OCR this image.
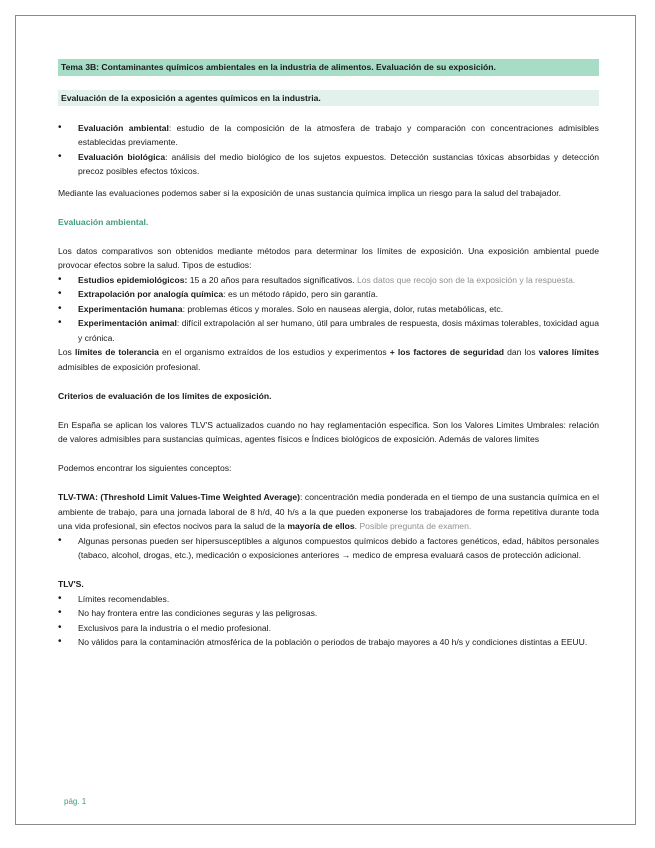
Tema 3B: Contaminantes químicos ambientales en la industria de alimentos. Evaluación de su exposición.

Evaluación de la exposición a agentes químicos en la industria.

• Evaluación ambiental: estudio de la composición de la atmosfera de trabajo y comparación con concentraciones admisibles establecidas previamente.
• Evaluación biológica: análisis del medio biológico de los sujetos expuestos. Detección sustancias tóxicas absorbidas y detección precoz posibles efectos tóxicos.

Mediante las evaluaciones podemos saber si la exposición de unas sustancia química implica un riesgo para la salud del trabajador.

Evaluación ambiental.

Los datos comparativos son obtenidos mediante métodos para determinar los límites de exposición. Una exposición ambiental puede provocar efectos sobre la salud. Tipos de estudios:

• Estudios epidemiológicos: 15 a 20 años para resultados significativos. Los datos que recojo son de la exposición y la respuesta.
• Extrapolación por analogía química: es un método rápido, pero sin garantía.
• Experimentación humana: problemas éticos y morales. Solo en nauseas alergia, dolor, rutas metabólicas, etc.
• Experimentación animal: difícil extrapolación al ser humano, útil para umbrales de respuesta, dosis máximas tolerables, toxicidad agua y crónica.

Los límites de tolerancia en el organismo extraídos de los estudios y experimentos + los factores de seguridad dan los valores límites admisibles de exposición profesional.

Criterios de evaluación de los límites de exposición.

En España se aplican los valores TLV'S actualizados cuando no hay reglamentación especifica. Son los Valores Limites Umbrales: relación de valores admisibles para sustancias químicas, agentes físicos e Índices biológicos de exposición. Además de valores limites

Podemos encontrar los siguientes conceptos:

TLV-TWA: (Threshold Limit Values-Time Weighted Average): concentración media ponderada en el tiempo de una sustancia química en el ambiente de trabajo, para una jornada laboral de 8 h/d, 40 h/s a la que pueden exponerse los trabajadores de forma repetitiva durante toda una vida profesional, sin efectos nocivos para la salud de la mayoría de ellos. Posible pregunta de examen.

• Algunas personas pueden ser hipersusceptibles a algunos compuestos químicos debido a factores genéticos, edad, hábitos personales (tabaco, alcohol, drogas, etc.), medicación o exposiciones anteriores → medico de empresa evaluará casos de protección adicional.

TLV'S.

• Límites recomendables.
• No hay frontera entre las condiciones seguras y las peligrosas.
• Exclusivos para la industria o el medio profesional.
• No válidos para la contaminación atmosférica de la población o periodos de trabajo mayores a 40 h/s y condiciones distintas a EEUU.
pág. 1
